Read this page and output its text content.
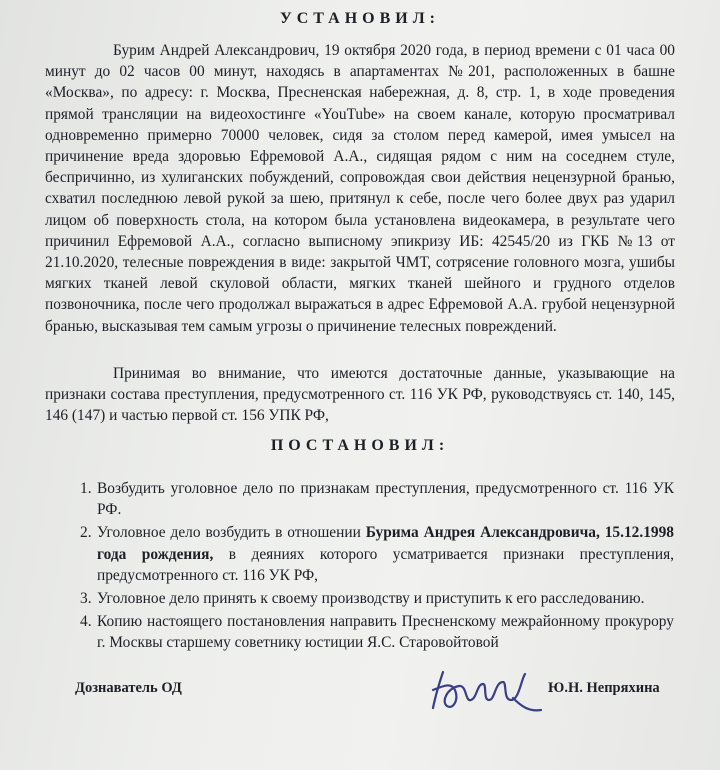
УСТАНОВИЛ:
Бурим Андрей Александрович, 19 октября 2020 года, в период времени с 01 часа 00 минут до 02 часов 00 минут, находясь в апартаментах №201, расположенных в башне «Москва», по адресу: г. Москва, Пресненская набережная, д. 8, стр. 1, в ходе проведения прямой трансляции на видеохостинге «YouTube» на своем канале, которую просматривал одновременно примерно 70000 человек, сидя за столом перед камерой, имея умысел на причинение вреда здоровью Ефремовой А.А., сидящая рядом с ним на соседнем стуле, беспричинно, из хулиганских побуждений, сопровождая свои действия нецензурной бранью, схватил последнюю левой рукой за шею, притянул к себе, после чего более двух раз ударил лицом об поверхность стола, на котором была установлена видеокамера, в результате чего причинил Ефремовой А.А., согласно выписному эпикризу ИБ: 42545/20 из ГКБ №13 от 21.10.2020, телесные повреждения в виде: закрытой ЧМТ, сотрясение головного мозга, ушибы мягких тканей левой скуловой области, мягких тканей шейного и грудного отделов позвоночника, после чего продолжал выражаться в адрес Ефремовой А.А. грубой нецензурной бранью, высказывая тем самым угрозы о причинение телесных повреждений.
Принимая во внимание, что имеются достаточные данные, указывающие на признаки состава преступления, предусмотренного ст. 116 УК РФ, руководствуясь ст. 140, 145, 146 (147) и частью первой ст. 156 УПК РФ,
ПОСТАНОВИЛ:
1. Возбудить уголовное дело по признакам преступления, предусмотренного ст. 116 УК РФ.
2. Уголовное дело возбудить в отношении Бурима Андрея Александровича, 15.12.1998 года рождения, в деяниях которого усматривается признаки преступления, предусмотренного ст. 116 УК РФ,
3. Уголовное дело принять к своему производству и приступить к его расследованию.
4. Копию настоящего постановления направить Пресненскому межрайонному прокурору г. Москвы старшему советнику юстиции Я.С. Старовойтовой
Дознаватель ОД	Ю.Н. Непряхина
